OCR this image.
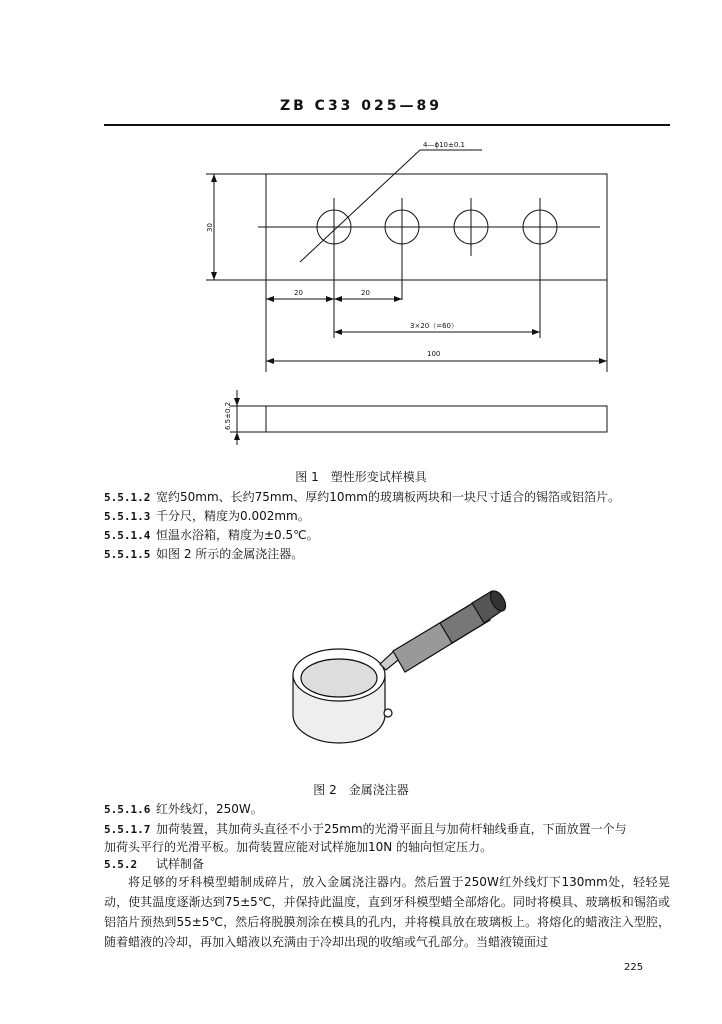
ZB C33 025—89
4—ϕ10±0.1
30
20	20
3×20（=60）
100
6.5±0.2
图 1　塑性形变试样模具
5.5.1.2 宽约50mm、长约75mm、厚约10mm的玻璃板两块和一块尺寸适合的锡箔或铝箔片。
5.5.1.3 千分尺，精度为0.002mm。
5.5.1.4 恒温水浴箱，精度为±0.5℃。
5.5.1.5 如图 2 所示的金属浇注器。
图 2　金属浇注器
5.5.1.6 红外线灯，250W。
5.5.1.7 加荷装置，其加荷头直径不小于25mm的光滑平面且与加荷杆轴线垂直，下面放置一个与
加荷头平行的光滑平板。加荷装置应能对试样施加10N 的轴向恒定压力。
5.5.2 试样制备
将足够的牙科模型蜡制成碎片，放入金属浇注器内。然后置于250W红外线灯下130mm处，轻轻晃动，使其温度逐渐达到75±5℃，并保持此温度，直到牙科模型蜡全部熔化。同时将模具、玻璃板和锡箔或铝箔片预热到55±5℃，然后将脱膜剂涂在模具的孔内，并将模具放在玻璃板上。将熔化的蜡液注入型腔，随着蜡液的冷却，再加入蜡液以充满由于冷却出现的收缩或气孔部分。当蜡液镜面过
225
